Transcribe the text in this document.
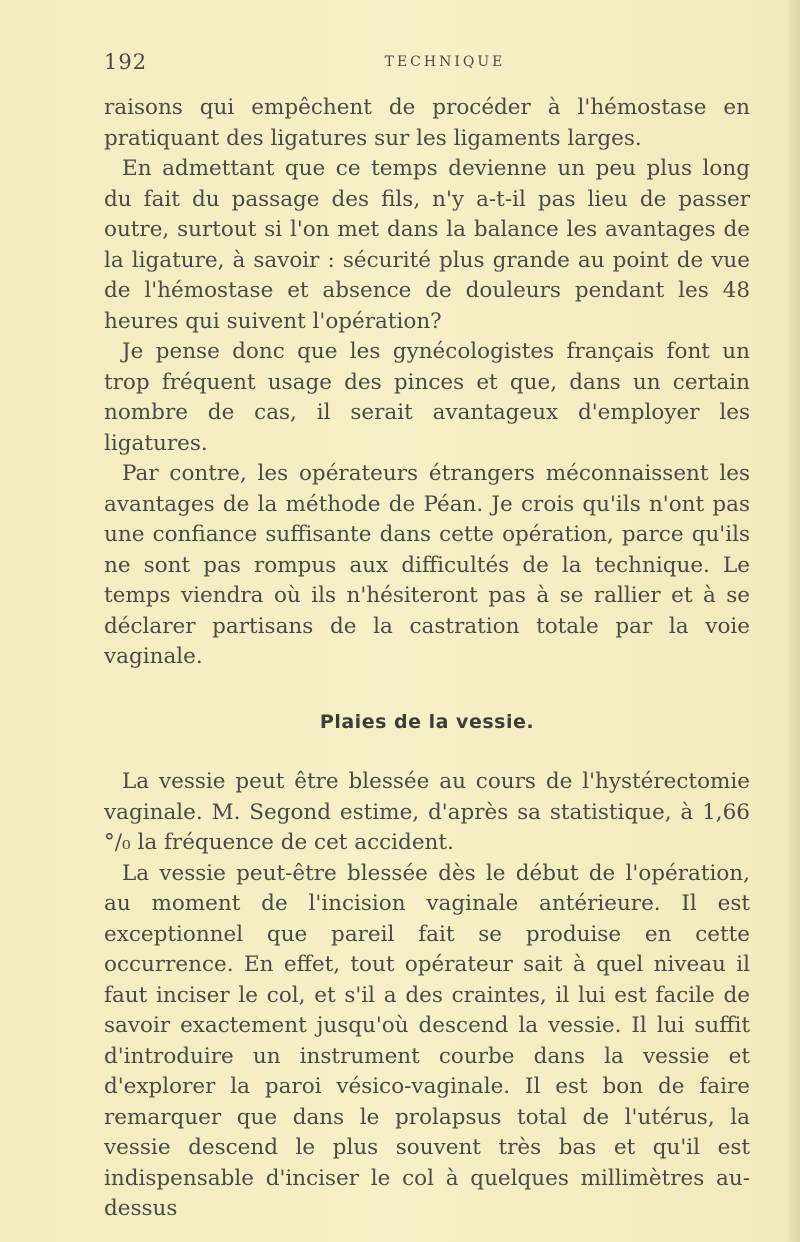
192	TECHNIQUE

raisons qui empêchent de procéder à l'hémostase en pratiquant des ligatures sur les ligaments larges.

En admettant que ce temps devienne un peu plus long du fait du passage des fils, n'y a-t-il pas lieu de passer outre, surtout si l'on met dans la balance les avantages de la ligature, à savoir : sécurité plus grande au point de vue de l'hémostase et absence de douleurs pendant les 48 heures qui suivent l'opération?

Je pense donc que les gynécologistes français font un trop fréquent usage des pinces et que, dans un certain nombre de cas, il serait avantageux d'employer les ligatures.

Par contre, les opérateurs étrangers méconnaissent les avantages de la méthode de Péan. Je crois qu'ils n'ont pas une confiance suffisante dans cette opération, parce qu'ils ne sont pas rompus aux difficultés de la technique. Le temps viendra où ils n'hésiteront pas à se rallier et à se déclarer partisans de la castration totale par la voie vaginale.

Plaies de la vessie.

La vessie peut être blessée au cours de l'hystérectomie vaginale. M. Segond estime, d'après sa statistique, à 1,66 °/₀ la fréquence de cet accident.

La vessie peut-être blessée dès le début de l'opération, au moment de l'incision vaginale antérieure. Il est exceptionnel que pareil fait se produise en cette occurrence. En effet, tout opérateur sait à quel niveau il faut inciser le col, et s'il a des craintes, il lui est facile de savoir exactement jusqu'où descend la vessie. Il lui suffit d'introduire un instrument courbe dans la vessie et d'explorer la paroi vésico-vaginale. Il est bon de faire remarquer que dans le prolapsus total de l'utérus, la vessie descend le plus souvent très bas et qu'il est indispensable d'inciser le col à quelques millimètres au-dessus
